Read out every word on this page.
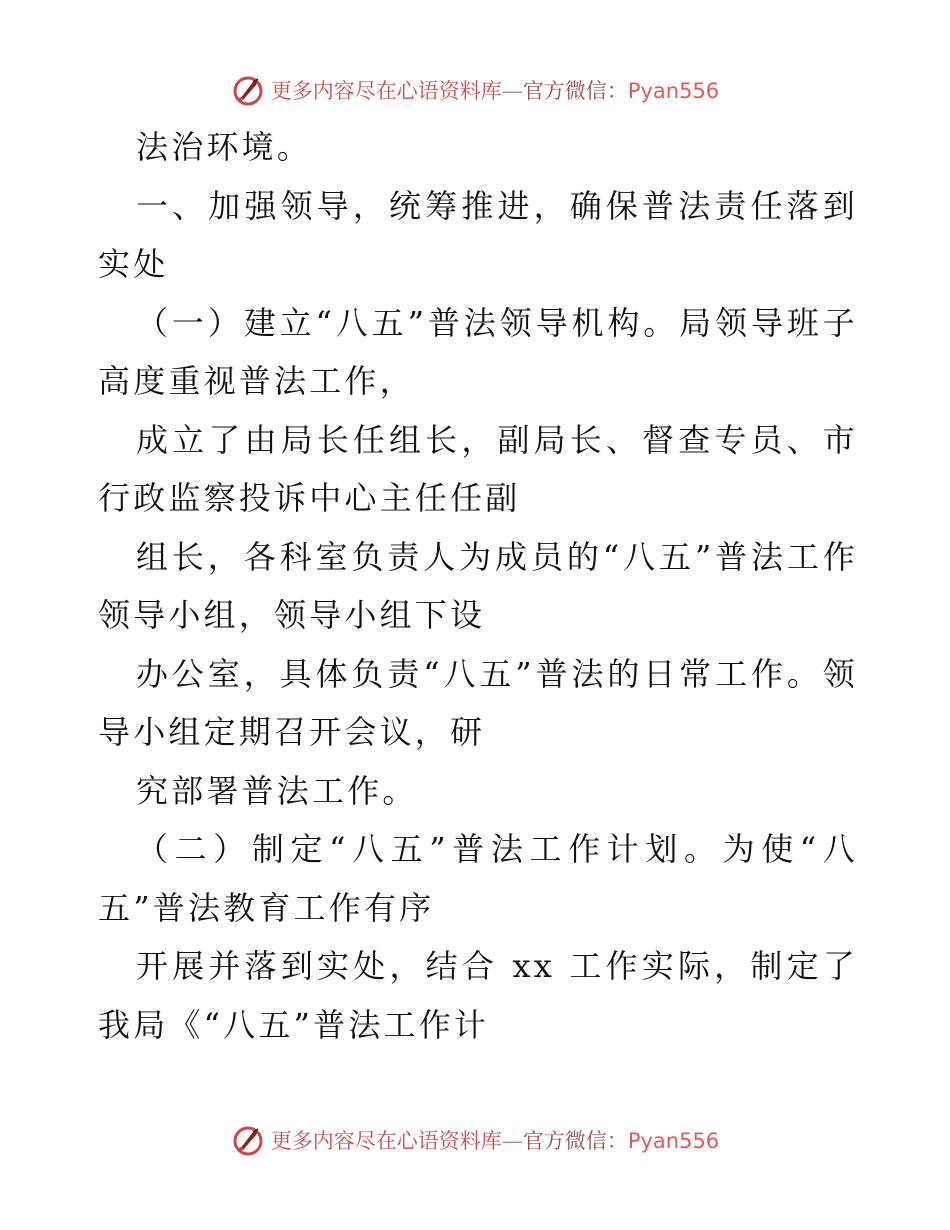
更多内容尽在心语资料库—官方微信：Pyan556

法治环境。

一、加强领导，统筹推进，确保普法责任落到实处

（一）建立“八五”普法领导机构。局领导班子高度重视普法工作，

成立了由局长任组长，副局长、督查专员、市行政监察投诉中心主任任副

组长，各科室负责人为成员的“八五”普法工作领导小组，领导小组下设

办公室，具体负责“八五”普法的日常工作。领导小组定期召开会议，研

究部署普法工作。

（二）制定“八五”普法工作计划。为使“八五”普法教育工作有序

开展并落到实处，结合 xx 工作实际，制定了我局《“八五”普法工作计

更多内容尽在心语资料库—官方微信：Pyan556
